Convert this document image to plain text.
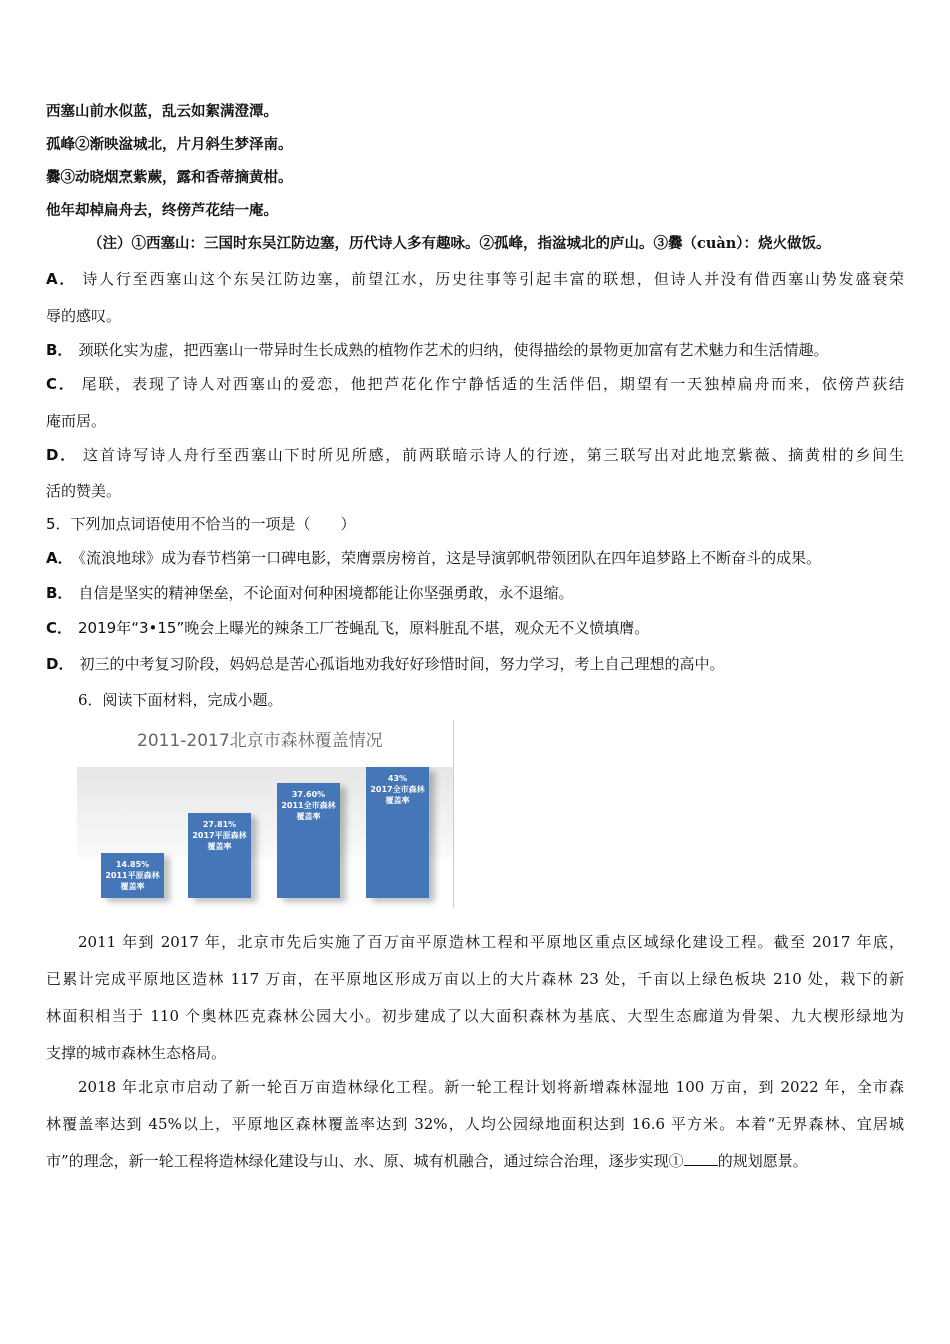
西塞山前水似蓝，乱云如絮满澄潭。
孤峰②渐映湓城北，片月斜生梦泽南。
爨③动晓烟烹紫蕨，露和香蒂摘黄柑。
他年却棹扁舟去，终傍芦花结一庵。
（注）①西塞山：三国时东吴江防边塞，历代诗人多有趣咏。②孤峰，指湓城北的庐山。③爨（cuàn）：烧火做饭。
A． 诗人行至西塞山这个东吴江防边塞，前望江水，历史往事等引起丰富的联想，但诗人并没有借西塞山势发盛衰荣
辱的感叹。
B． 颈联化实为虚，把西塞山一带异时生长成熟的植物作艺术的归纳，使得描绘的景物更加富有艺术魅力和生活情趣。
C． 尾联，表现了诗人对西塞山的爱恋，他把芦花化作宁静恬适的生活伴侣，期望有一天独棹扁舟而来，依傍芦荻结
庵而居。
D． 这首诗写诗人舟行至西塞山下时所见所感，前两联暗示诗人的行迹，第三联写出对此地烹紫薇、摘黄柑的乡间生
活的赞美。
5．下列加点词语使用不恰当的一项是（　　）
A． 《流浪地球》成为春节档第一口碑电影，荣膺票房榜首，这是导演郭帆带领团队在四年追梦路上不断奋斗的成果。
B． 自信是坚实的精神堡垒，不论面对何种困境都能让你坚强勇敢，永不退缩。
C． 2019年“3•15”晚会上曝光的辣条工厂苍蝇乱飞，原料脏乱不堪，观众无不义愤填膺。
D． 初三的中考复习阶段，妈妈总是苦心孤诣地劝我好好珍惜时间，努力学习，考上自己理想的高中。
6．阅读下面材料，完成小题。
2011-2017北京市森林覆盖情况
14.85%
2011平原森林
覆盖率
27.81%
2017平原森林
覆盖率
37.60%
2011全市森林
覆盖率
43%
2017全市森林
覆盖率
2011 年到 2017 年，北京市先后实施了百万亩平原造林工程和平原地区重点区域绿化建设工程。截至 2017 年底，
已累计完成平原地区造林 117 万亩，在平原地区形成万亩以上的大片森林 23 处，千亩以上绿色板块 210 处，栽下的新
林面积相当于 110 个奥林匹克森林公园大小。初步建成了以大面积森林为基底、大型生态廊道为骨架、九大楔形绿地为
支撑的城市森林生态格局。
2018 年北京市启动了新一轮百万亩造林绿化工程。新一轮工程计划将新增森林湿地 100 万亩，到 2022 年，全市森
林覆盖率达到 45%以上，平原地区森林覆盖率达到 32%，人均公园绿地面积达到 16.6 平方米。本着“无界森林、宜居城
市”的理念，新一轮工程将造林绿化建设与山、水、原、城有机融合，通过综合治理，逐步实现① 的规划愿景。
